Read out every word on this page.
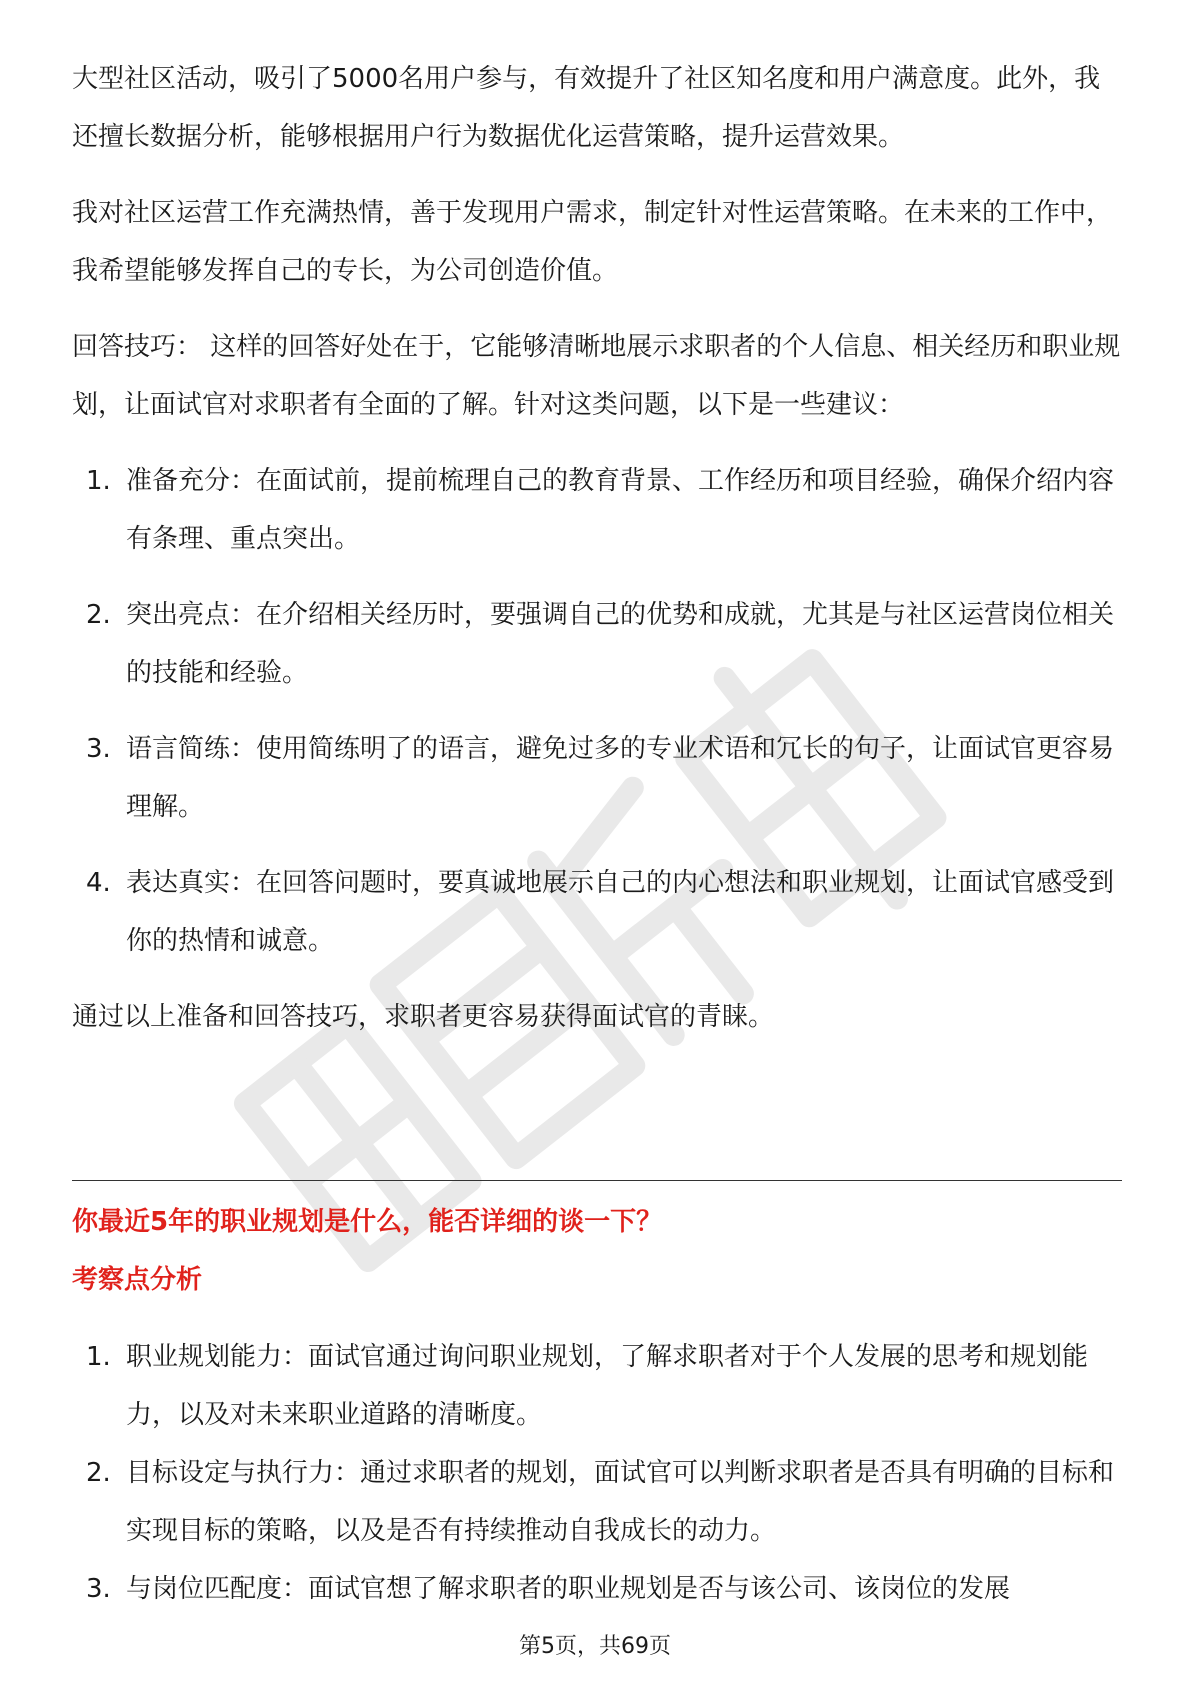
大型社区活动，吸引了5000名用户参与，有效提升了社区知名度和用户满意度。此外，我还擅长数据分析，能够根据用户行为数据优化运营策略，提升运营效果。

我对社区运营工作充满热情，善于发现用户需求，制定针对性运营策略。在未来的工作中，我希望能够发挥自己的专长，为公司创造价值。

回答技巧： 这样的回答好处在于，它能够清晰地展示求职者的个人信息、相关经历和职业规划，让面试官对求职者有全面的了解。针对这类问题，以下是一些建议：

1. 准备充分：在面试前，提前梳理自己的教育背景、工作经历和项目经验，确保介绍内容有条理、重点突出。
2. 突出亮点：在介绍相关经历时，要强调自己的优势和成就，尤其是与社区运营岗位相关的技能和经验。
3. 语言简练：使用简练明了的语言，避免过多的专业术语和冗长的句子，让面试官更容易理解。
4. 表达真实：在回答问题时，要真诚地展示自己的内心想法和职业规划，让面试官感受到你的热情和诚意。

通过以上准备和回答技巧，求职者更容易获得面试官的青睐。

你最近5年的职业规划是什么，能否详细的谈一下？
考察点分析
1. 职业规划能力：面试官通过询问职业规划，了解求职者对于个人发展的思考和规划能力，以及对未来职业道路的清晰度。
2. 目标设定与执行力：通过求职者的规划，面试官可以判断求职者是否具有明确的目标和实现目标的策略，以及是否有持续推动自我成长的动力。
3. 与岗位匹配度：面试官想了解求职者的职业规划是否与该公司、该岗位的发展
第5页，共69页
